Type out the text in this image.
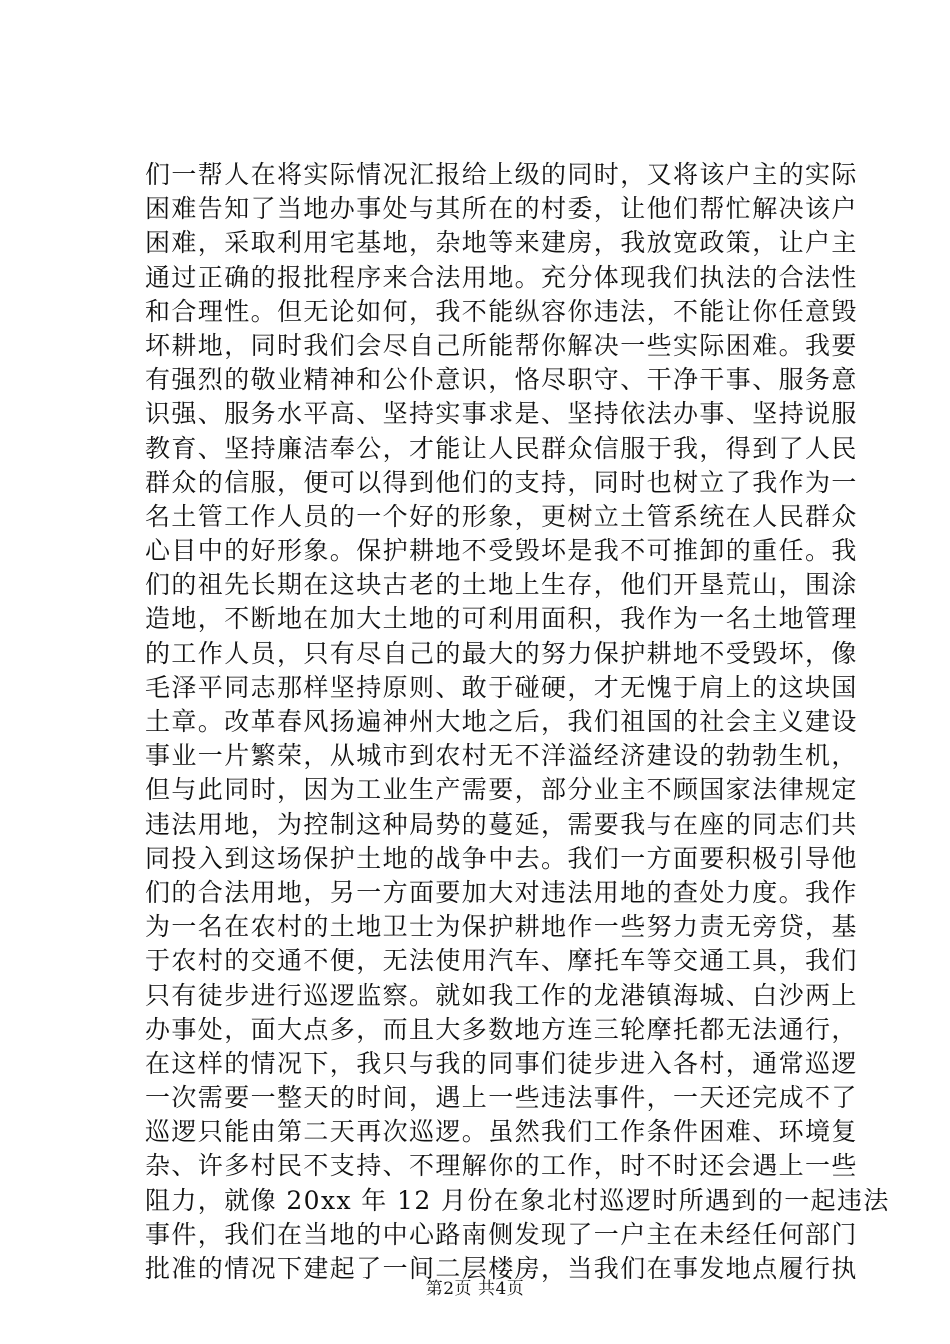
们一帮人在将实际情况汇报给上级的同时，又将该户主的实际
困难告知了当地办事处与其所在的村委，让他们帮忙解决该户
困难，采取利用宅基地，杂地等来建房，我放宽政策，让户主
通过正确的报批程序来合法用地。充分体现我们执法的合法性
和合理性。但无论如何，我不能纵容你违法，不能让你任意毁
坏耕地，同时我们会尽自己所能帮你解决一些实际困难。我要
有强烈的敬业精神和公仆意识，恪尽职守、干净干事、服务意
识强、服务水平高、坚持实事求是、坚持依法办事、坚持说服
教育、坚持廉洁奉公，才能让人民群众信服于我，得到了人民
群众的信服，便可以得到他们的支持，同时也树立了我作为一
名土管工作人员的一个好的形象，更树立土管系统在人民群众
心目中的好形象。保护耕地不受毁坏是我不可推卸的重任。我
们的祖先长期在这块古老的土地上生存，他们开垦荒山，围涂
造地，不断地在加大土地的可利用面积，我作为一名土地管理
的工作人员，只有尽自己的最大的努力保护耕地不受毁坏，像
毛泽平同志那样坚持原则、敢于碰硬，才无愧于肩上的这块国
土章。改革春风扬遍神州大地之后，我们祖国的社会主义建设
事业一片繁荣，从城市到农村无不洋溢经济建设的勃勃生机，
但与此同时，因为工业生产需要，部分业主不顾国家法律规定
违法用地，为控制这种局势的蔓延，需要我与在座的同志们共
同投入到这场保护土地的战争中去。我们一方面要积极引导他
们的合法用地，另一方面要加大对违法用地的查处力度。我作
为一名在农村的土地卫士为保护耕地作一些努力责无旁贷，基
于农村的交通不便，无法使用汽车、摩托车等交通工具，我们
只有徒步进行巡逻监察。就如我工作的龙港镇海城、白沙两上
办事处，面大点多，而且大多数地方连三轮摩托都无法通行，
在这样的情况下，我只与我的同事们徒步进入各村，通常巡逻
一次需要一整天的时间，遇上一些违法事件，一天还完成不了
巡逻只能由第二天再次巡逻。虽然我们工作条件困难、环境复
杂、许多村民不支持、不理解你的工作，时不时还会遇上一些
阻力，就像 20xx 年 12 月份在象北村巡逻时所遇到的一起违法
事件，我们在当地的中心路南侧发现了一户主在未经任何部门
批准的情况下建起了一间二层楼房，当我们在事发地点履行执
第2页 共4页
